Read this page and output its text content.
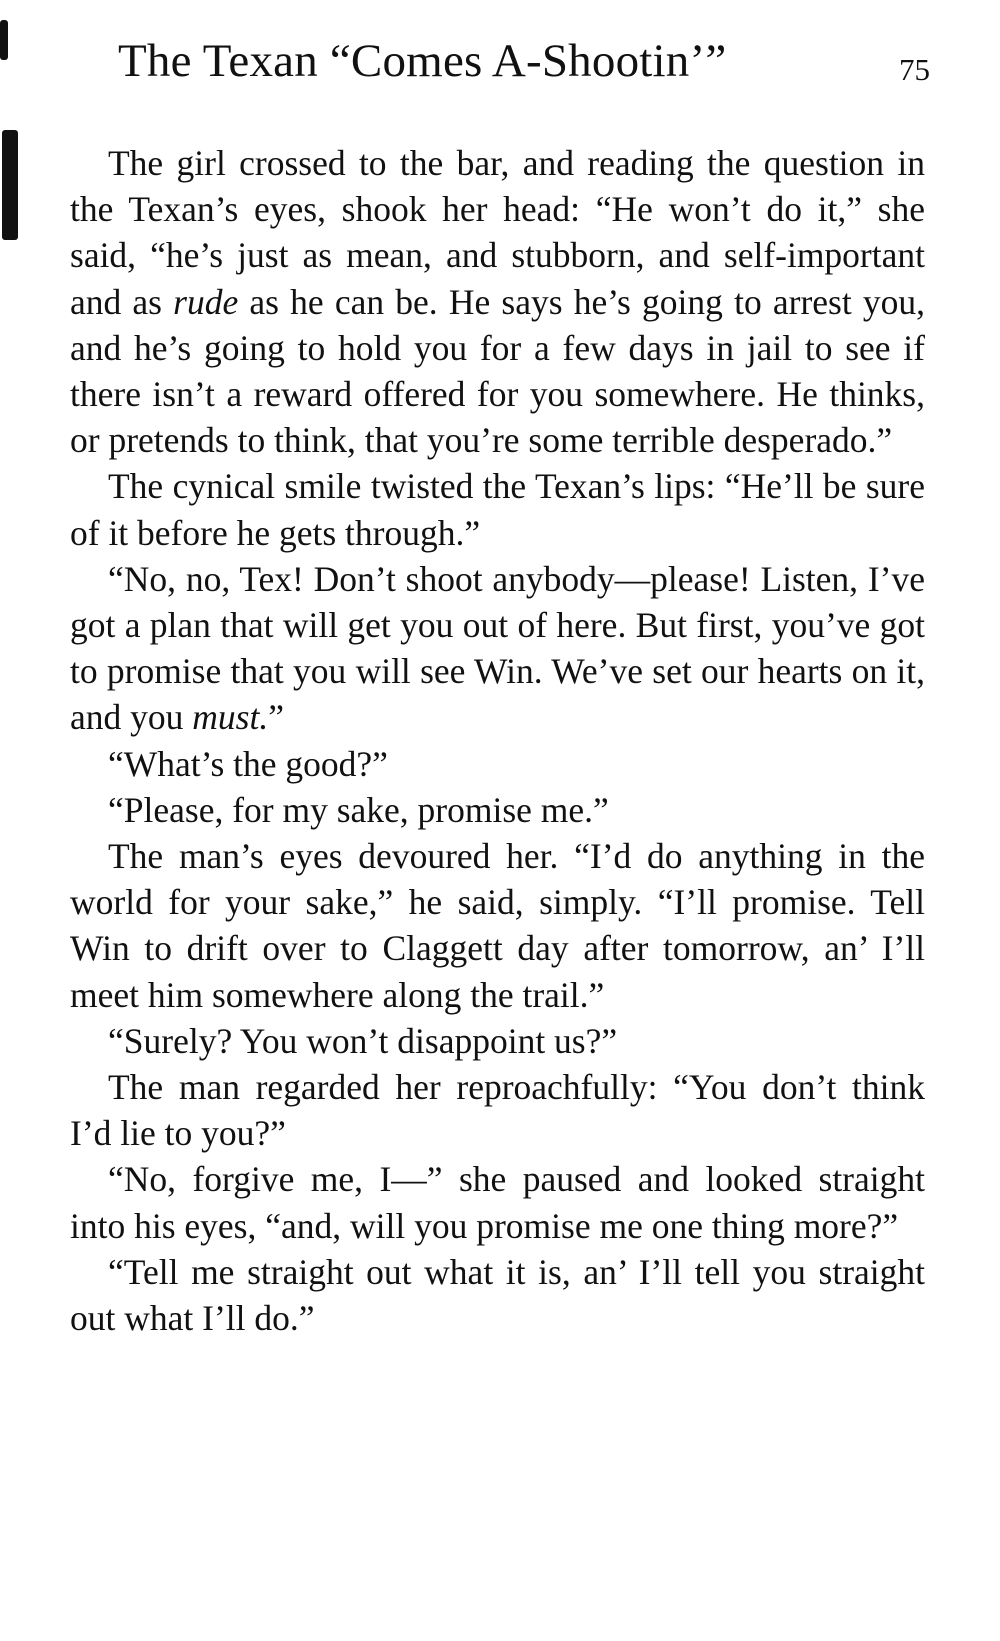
The Texan “Comes A-Shootin’”	75

The girl crossed to the bar, and reading the question in the Texan’s eyes, shook her head: “He won’t do it,” she said, “he’s just as mean, and stubborn, and self-important and as rude as he can be. He says he’s going to arrest you, and he’s going to hold you for a few days in jail to see if there isn’t a reward offered for you somewhere. He thinks, or pretends to think, that you’re some terrible desperado.”

The cynical smile twisted the Texan’s lips: “He’ll be sure of it before he gets through.”

“No, no, Tex! Don’t shoot anybody—please! Listen, I’ve got a plan that will get you out of here. But first, you’ve got to promise that you will see Win. We’ve set our hearts on it, and you must.”

“What’s the good?”

“Please, for my sake, promise me.”

The man’s eyes devoured her. “I’d do anything in the world for your sake,” he said, simply. “I’ll promise. Tell Win to drift over to Claggett day after tomorrow, an’ I’ll meet him somewhere along the trail.”

“Surely? You won’t disappoint us?”

The man regarded her reproachfully: “You don’t think I’d lie to you?”

“No, forgive me, I—” she paused and looked straight into his eyes, “and, will you promise me one thing more?”

“Tell me straight out what it is, an’ I’ll tell you straight out what I’ll do.”
